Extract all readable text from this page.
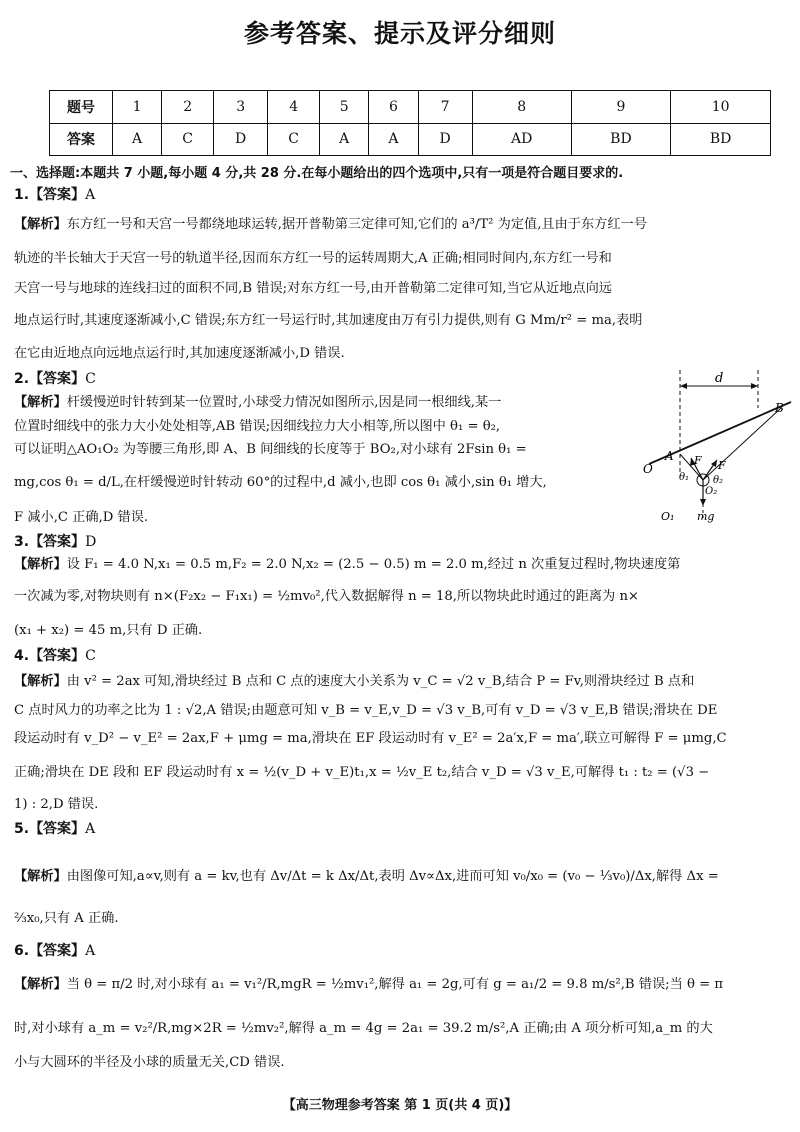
参考答案、提示及评分细则
题号	1	2	3	4	5	6	7	8	9	10
答案	A	C	D	C	A	A	D	AD	BD	BD
一、选择题:本题共 7 小题,每小题 4 分,共 28 分.在每小题给出的四个选项中,只有一项是符合题目要求的.
1.【答案】A
【解析】东方红一号和天宫一号都绕地球运转,据开普勒第三定律可知,它们的 a³/T² 为定值,且由于东方红一号
轨迹的半长轴大于天宫一号的轨道半径,因而东方红一号的运转周期大,A 正确;相同时间内,东方红一号和
天宫一号与地球的连线扫过的面积不同,B 错误;对东方红一号,由开普勒第二定律可知,当它从近地点向远
地点运行时,其速度逐渐减小,C 错误;东方红一号运行时,其加速度由万有引力提供,则有 G Mm/r² = ma,表明
在它由近地点向远地点运行时,其加速度逐渐减小,D 错误.
2.【答案】C
【解析】杆缓慢逆时针转到某一位置时,小球受力情况如图所示,因是同一根细线,某一
位置时细线中的张力大小处处相等,AB 错误;因细线拉力大小相等,所以图中 θ₁ = θ₂,
可以证明△AO₁O₂ 为等腰三角形,即 A、B 间细线的长度等于 BO₂,对小球有 2Fsin θ₁ =
mg,cos θ₁ = d/L,在杆缓慢逆时针转动 60°的过程中,d 减小,也即 cos θ₁ 减小,sin θ₁ 增大,
F 减小,C 正确,D 错误.
d
B
A
O
F F
θ₁ θ₂
O₂
O₁ mg
3.【答案】D
【解析】设 F₁ = 4.0 N,x₁ = 0.5 m,F₂ = 2.0 N,x₂ = (2.5 − 0.5) m = 2.0 m,经过 n 次重复过程时,物块速度第
一次减为零,对物块则有 n×(F₂x₂ − F₁x₁) = ½mv₀²,代入数据解得 n = 18,所以物块此时通过的距离为 n×
(x₁ + x₂) = 45 m,只有 D 正确.
4.【答案】C
【解析】由 v² = 2ax 可知,滑块经过 B 点和 C 点的速度大小关系为 v_C = √2 v_B,结合 P = Fv,则滑块经过 B 点和
C 点时风力的功率之比为 1 : √2,A 错误;由题意可知 v_B = v_E,v_D = √3 v_B,可有 v_D = √3 v_E,B 错误;滑块在 DE
段运动时有 v_D² − v_E² = 2ax,F + μmg = ma,滑块在 EF 段运动时有 v_E² = 2a′x,F = ma′,联立可解得 F = μmg,C
正确;滑块在 DE 段和 EF 段运动时有 x = ½(v_D + v_E)t₁,x = ½v_E t₂,结合 v_D = √3 v_E,可解得 t₁ : t₂ = (√3 −
1) : 2,D 错误.
5.【答案】A
【解析】由图像可知,a∝v,则有 a = kv,也有 Δv/Δt = k Δx/Δt,表明 Δv∝Δx,进而可知 v₀/x₀ = (v₀ − ⅓v₀)/Δx,解得 Δx =
⅔x₀,只有 A 正确.
6.【答案】A
【解析】当 θ = π/2 时,对小球有 a₁ = v₁²/R,mgR = ½mv₁²,解得 a₁ = 2g,可有 g = a₁/2 = 9.8 m/s²,B 错误;当 θ = π
时,对小球有 a_m = v₂²/R,mg×2R = ½mv₂²,解得 a_m = 4g = 2a₁ = 39.2 m/s²,A 正确;由 A 项分析可知,a_m 的大
小与大圆环的半径及小球的质量无关,CD 错误.
【高三物理参考答案 第 1 页(共 4 页)】
